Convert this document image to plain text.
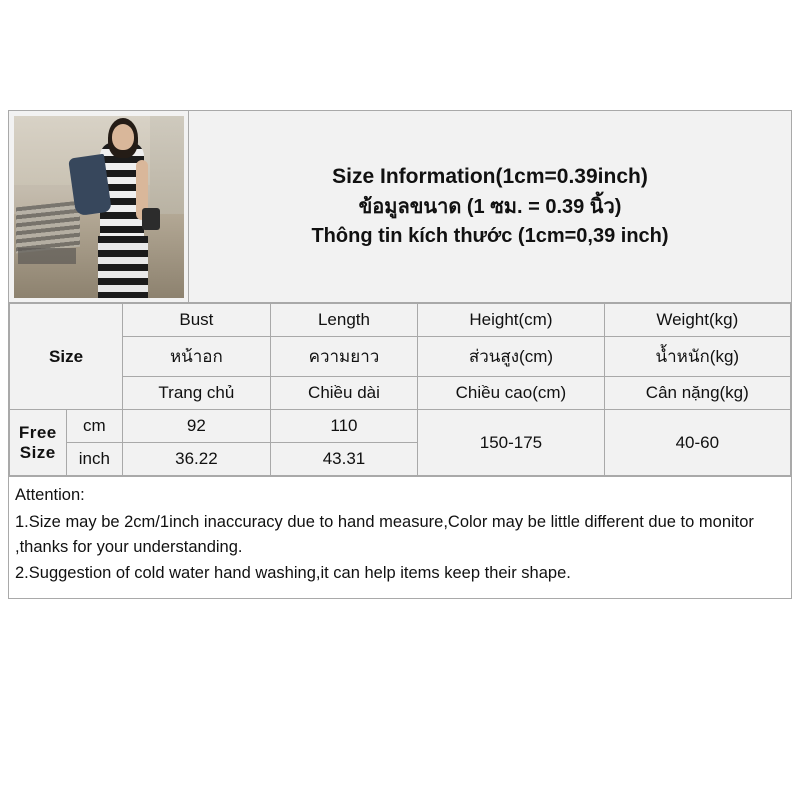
Size Information(1cm=0.39inch)
ข้อมูลขนาด (1 ซม. = 0.39 นิ้ว)
Thông tin kích thước (1cm=0,39 inch)
Size		Bust	Length	Height(cm)	Weight(kg)
		หน้าอก	ความยาว	ส่วนสูง(cm)	น้ำหนัก(kg)
		Trang chủ	Chiều dài	Chiều cao(cm)	Cân nặng(kg)
Free Size	cm	92	110	150-175	40-60
	inch	36.22	43.31		

Attention:

1.Size may be 2cm/1inch inaccuracy due to hand measure,Color may be little different due to monitor ,thanks for your understanding.

2.Suggestion of cold water hand washing,it can help items keep their shape.
